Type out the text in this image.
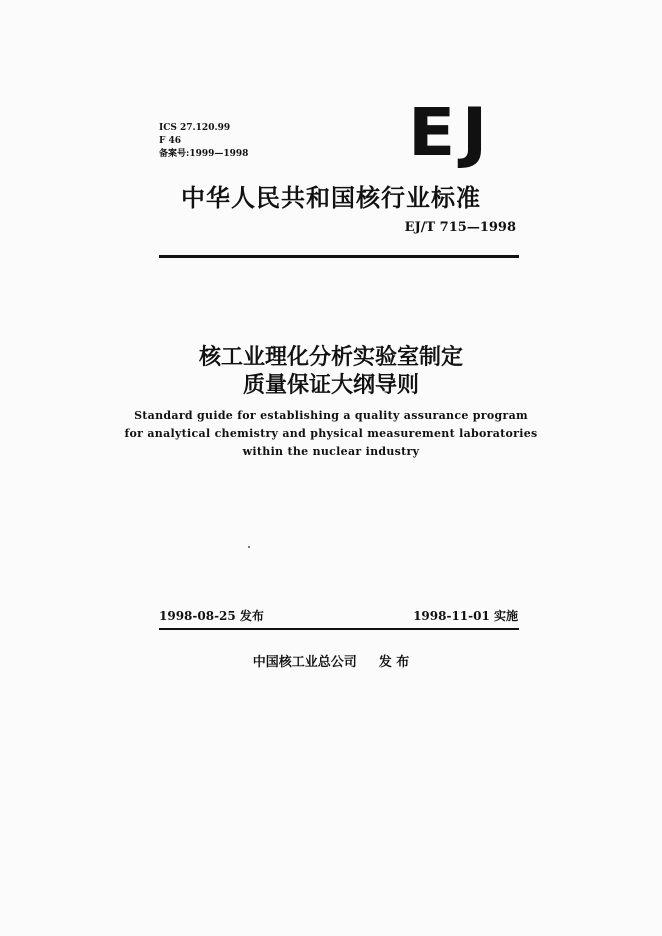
ICS 27.120.99
F 46
备案号:1999—1998 EJ
中华人民共和国核行业标准
EJ/T 715—1998
核工业理化分析实验室制定
质量保证大纲导则
Standard guide for establishing a quality assurance program
for analytical chemistry and physical measurement laboratories
within the nuclear industry
1998-08-25 发布	1998-11-01 实施
中国核工业总公司 发 布
